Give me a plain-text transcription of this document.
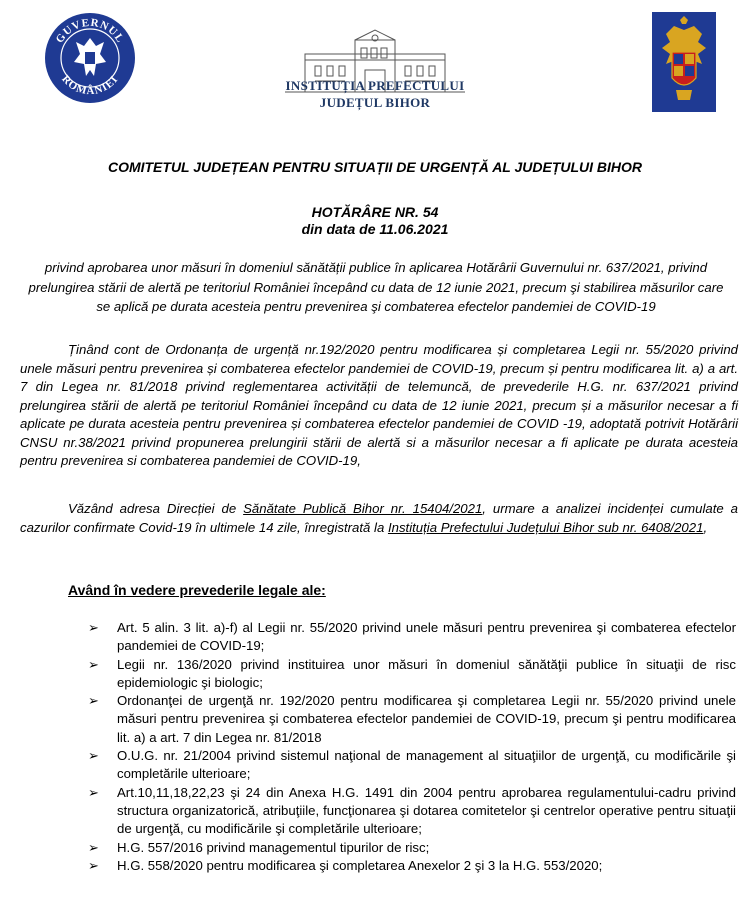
GUVERNUL
ROMÂNIEI	INSTITUȚIA PREFECTULUI
JUDEȚUL BIHOR
COMITETUL JUDEȚEAN PENTRU SITUAȚII DE URGENȚĂ AL JUDEȚULUI BIHOR
HOTĂRÂRE NR. 54
din data de 11.06.2021
privind aprobarea unor măsuri în domeniul sănătății publice în aplicarea Hotărârii Guvernului nr. 637/2021, privind prelungirea stării de alertă pe teritoriul României începând cu data de 12 iunie 2021, precum şi stabilirea măsurilor care se aplică pe durata acesteia pentru prevenirea şi combaterea efectelor pandemiei de COVID-19
Ținând cont de Ordonanța de urgență nr.192/2020 pentru modificarea și completarea Legii nr. 55/2020 privind unele măsuri pentru prevenirea și combaterea efectelor pandemiei de COVID-19, precum și pentru modificarea lit. a) a art. 7 din Legea nr. 81/2018 privind reglementarea activității de telemuncă, de prevederile H.G. nr. 637/2021 privind prelungirea stării de alertă pe teritoriul României începând cu data de 12 iunie 2021, precum și a măsurilor necesar a fi aplicate pe durata acesteia pentru prevenirea și combaterea efectelor pandemiei de COVID -19, adoptată potrivit Hotărârii CNSU nr.38/2021 privind propunerea prelungirii stării de alertă si a măsurilor necesar a fi aplicate pe durata acesteia pentru prevenirea si combaterea pandemiei de COVID-19,
Văzând adresa Direcției de Sănătate Publică Bihor nr. 15404/2021, urmare a analizei incidenței cumulate a cazurilor confirmate Covid-19 în ultimele 14 zile, înregistrată la Instituția Prefectului Județului Bihor sub nr. 6408/2021,
Având în vedere prevederile legale ale:
➢ Art. 5 alin. 3 lit. a)-f) al Legii nr. 55/2020 privind unele măsuri pentru prevenirea şi combaterea efectelor pandemiei de COVID-19;
➢ Legii nr. 136/2020 privind instituirea unor măsuri în domeniul sănătăţii publice în situaţii de risc epidemiologic şi biologic;
➢ Ordonanţei de urgenţă nr. 192/2020 pentru modificarea şi completarea Legii nr. 55/2020 privind unele măsuri pentru prevenirea şi combaterea efectelor pandemiei de COVID-19, precum şi pentru modificarea lit. a) a art. 7 din Legea nr. 81/2018
➢ O.U.G. nr. 21/2004 privind sistemul naţional de management al situaţiilor de urgenţă, cu modificările şi completările ulterioare;
➢ Art.10,11,18,22,23 şi 24 din Anexa H.G. 1491 din 2004 pentru aprobarea regulamentului-cadru privind structura organizatorică, atribuţiile, funcţionarea şi dotarea comitetelor şi centrelor operative pentru situaţii de urgenţă, cu modificările şi completările ulterioare;
➢ H.G. 557/2016 privind managementul tipurilor de risc;
➢ H.G. 558/2020 pentru modificarea şi completarea Anexelor 2 şi 3 la H.G. 553/2020;
